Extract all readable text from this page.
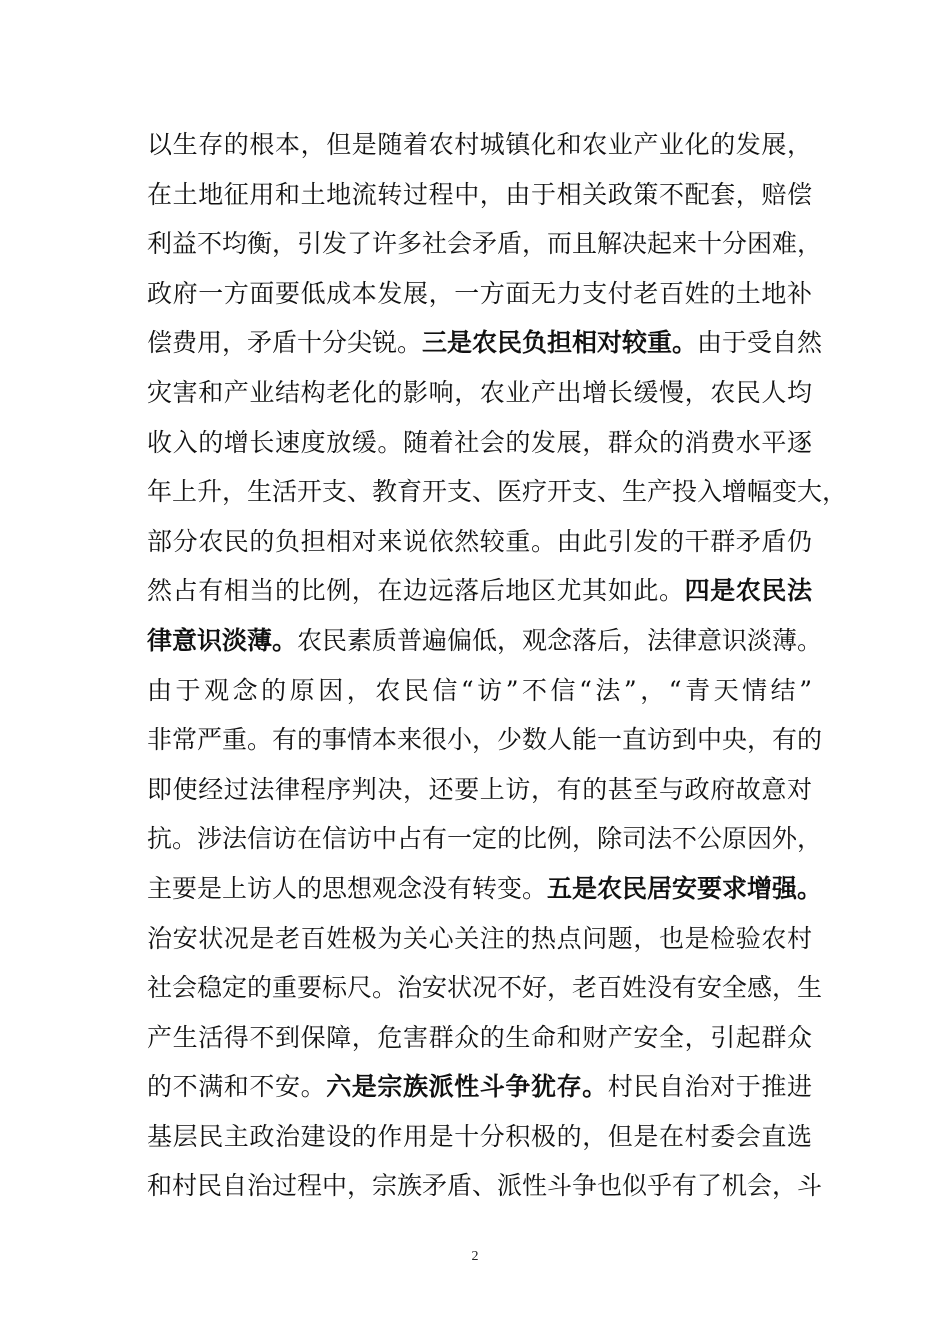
以生存的根本，但是随着农村城镇化和农业产业化的发展，
在土地征用和土地流转过程中，由于相关政策不配套，赔偿
利益不均衡，引发了许多社会矛盾，而且解决起来十分困难，
政府一方面要低成本发展，一方面无力支付老百姓的土地补
偿费用，矛盾十分尖锐。三是农民负担相对较重。由于受自然
灾害和产业结构老化的影响，农业产出增长缓慢，农民人均
收入的增长速度放缓。随着社会的发展，群众的消费水平逐
年上升，生活开支、教育开支、医疗开支、生产投入增幅变大，
部分农民的负担相对来说依然较重。由此引发的干群矛盾仍
然占有相当的比例，在边远落后地区尤其如此。四是农民法
律意识淡薄。农民素质普遍偏低，观念落后，法律意识淡薄。
由于观念的原因，农民信“访”不信“法”，“青天情结”
非常严重。有的事情本来很小，少数人能一直访到中央，有的
即使经过法律程序判决，还要上访，有的甚至与政府故意对
抗。涉法信访在信访中占有一定的比例，除司法不公原因外，
主要是上访人的思想观念没有转变。五是农民居安要求增强。
治安状况是老百姓极为关心关注的热点问题，也是检验农村
社会稳定的重要标尺。治安状况不好，老百姓没有安全感，生
产生活得不到保障，危害群众的生命和财产安全，引起群众
的不满和不安。六是宗族派性斗争犹存。村民自治对于推进
基层民主政治建设的作用是十分积极的，但是在村委会直选
和村民自治过程中，宗族矛盾、派性斗争也似乎有了机会，斗
2
